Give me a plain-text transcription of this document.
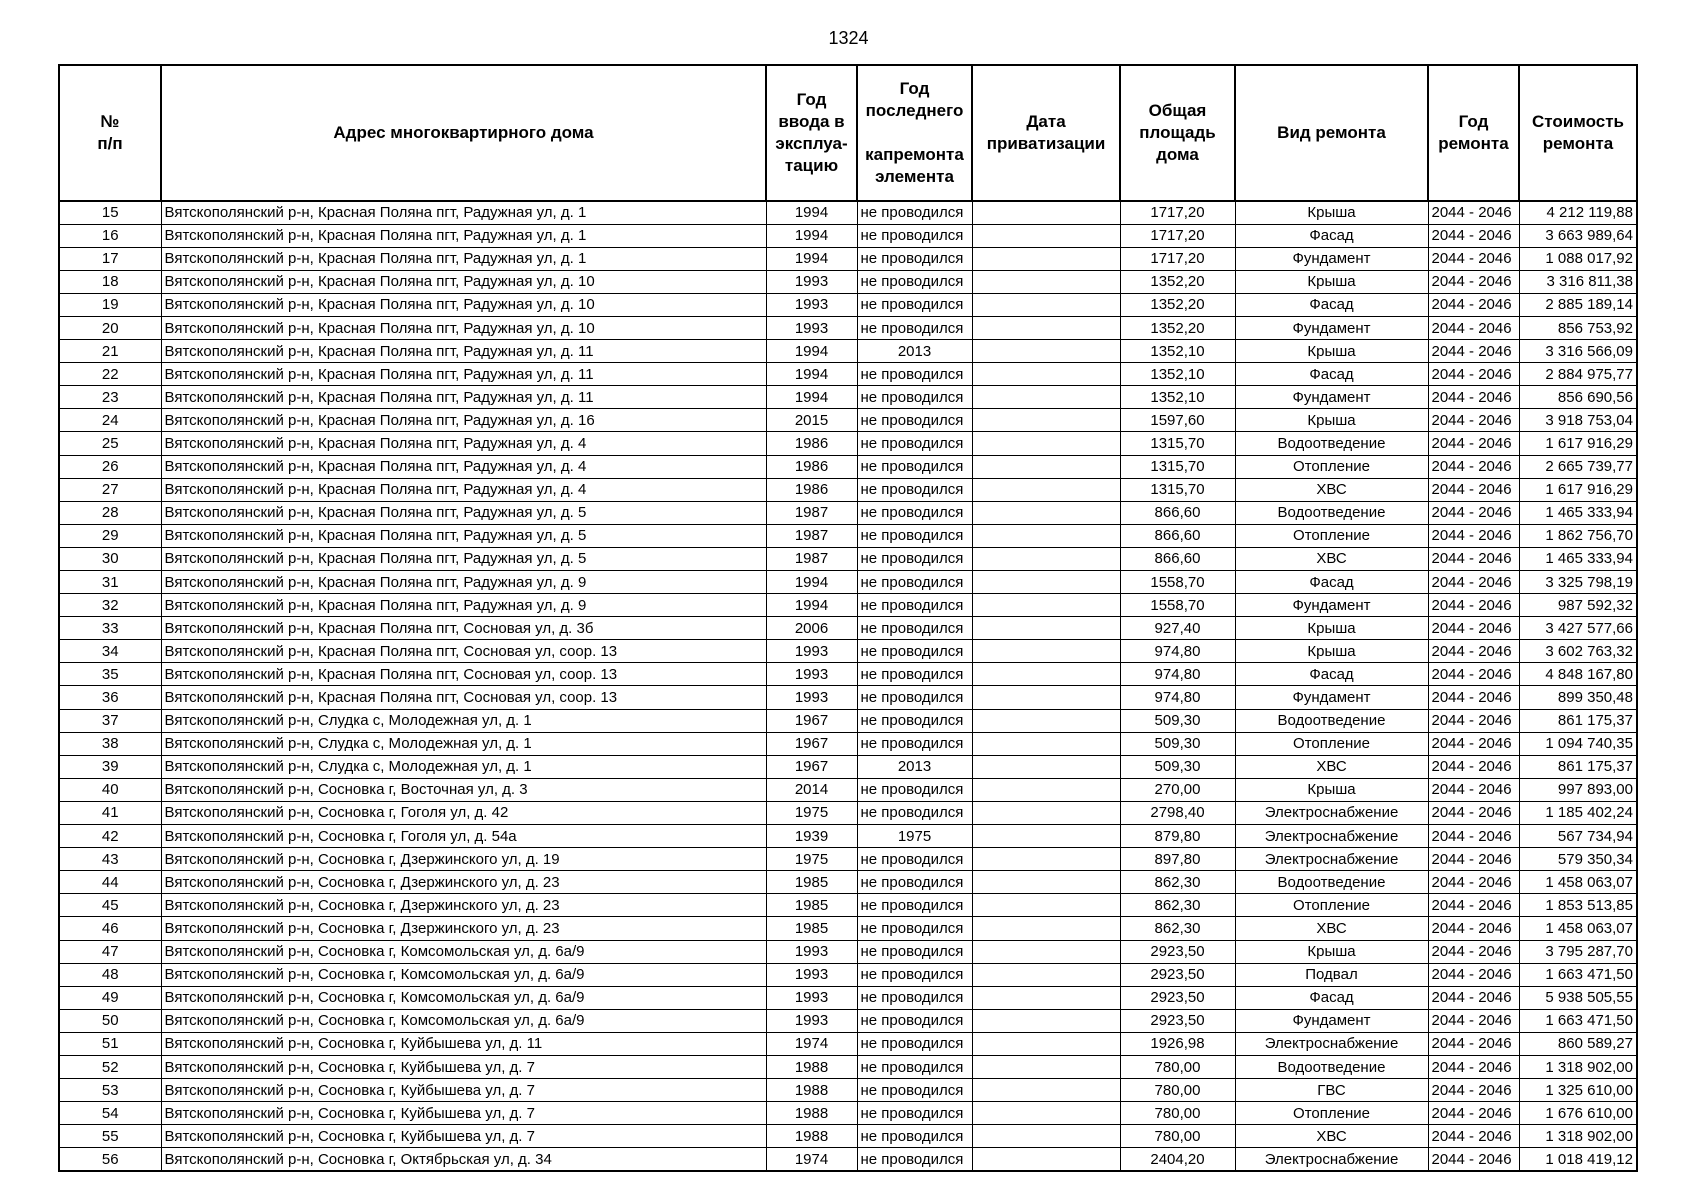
1324
№
п/п	Адрес многоквартирного дома	Год
ввода в
эксплуа-
тацию	Год
последнего
капремонта
элемента	Дата
приватизации	Общая
площадь
дома	Вид ремонта	Год
ремонта	Стоимость
ремонта

15	Вятскополянский р-н, Красная Поляна пгт, Радужная ул, д. 1	1994	не проводился		1717,20	Крыша	2044 - 2046	4 212 119,88
16	Вятскополянский р-н, Красная Поляна пгт, Радужная ул, д. 1	1994	не проводился		1717,20	Фасад	2044 - 2046	3 663 989,64
17	Вятскополянский р-н, Красная Поляна пгт, Радужная ул, д. 1	1994	не проводился		1717,20	Фундамент	2044 - 2046	1 088 017,92
18	Вятскополянский р-н, Красная Поляна пгт, Радужная ул, д. 10	1993	не проводился		1352,20	Крыша	2044 - 2046	3 316 811,38
19	Вятскополянский р-н, Красная Поляна пгт, Радужная ул, д. 10	1993	не проводился		1352,20	Фасад	2044 - 2046	2 885 189,14
20	Вятскополянский р-н, Красная Поляна пгт, Радужная ул, д. 10	1993	не проводился		1352,20	Фундамент	2044 - 2046	856 753,92
21	Вятскополянский р-н, Красная Поляна пгт, Радужная ул, д. 11	1994	2013		1352,10	Крыша	2044 - 2046	3 316 566,09
22	Вятскополянский р-н, Красная Поляна пгт, Радужная ул, д. 11	1994	не проводился		1352,10	Фасад	2044 - 2046	2 884 975,77
23	Вятскополянский р-н, Красная Поляна пгт, Радужная ул, д. 11	1994	не проводился		1352,10	Фундамент	2044 - 2046	856 690,56
24	Вятскополянский р-н, Красная Поляна пгт, Радужная ул, д. 16	2015	не проводился		1597,60	Крыша	2044 - 2046	3 918 753,04
25	Вятскополянский р-н, Красная Поляна пгт, Радужная ул, д. 4	1986	не проводился		1315,70	Водоотведение	2044 - 2046	1 617 916,29
26	Вятскополянский р-н, Красная Поляна пгт, Радужная ул, д. 4	1986	не проводился		1315,70	Отопление	2044 - 2046	2 665 739,77
27	Вятскополянский р-н, Красная Поляна пгт, Радужная ул, д. 4	1986	не проводился		1315,70	ХВС	2044 - 2046	1 617 916,29
28	Вятскополянский р-н, Красная Поляна пгт, Радужная ул, д. 5	1987	не проводился		866,60	Водоотведение	2044 - 2046	1 465 333,94
29	Вятскополянский р-н, Красная Поляна пгт, Радужная ул, д. 5	1987	не проводился		866,60	Отопление	2044 - 2046	1 862 756,70
30	Вятскополянский р-н, Красная Поляна пгт, Радужная ул, д. 5	1987	не проводился		866,60	ХВС	2044 - 2046	1 465 333,94
31	Вятскополянский р-н, Красная Поляна пгт, Радужная ул, д. 9	1994	не проводился		1558,70	Фасад	2044 - 2046	3 325 798,19
32	Вятскополянский р-н, Красная Поляна пгт, Радужная ул, д. 9	1994	не проводился		1558,70	Фундамент	2044 - 2046	987 592,32
33	Вятскополянский р-н, Красная Поляна пгт, Сосновая ул, д. 3б	2006	не проводился		927,40	Крыша	2044 - 2046	3 427 577,66
34	Вятскополянский р-н, Красная Поляна пгт, Сосновая ул, соор. 13	1993	не проводился		974,80	Крыша	2044 - 2046	3 602 763,32
35	Вятскополянский р-н, Красная Поляна пгт, Сосновая ул, соор. 13	1993	не проводился		974,80	Фасад	2044 - 2046	4 848 167,80
36	Вятскополянский р-н, Красная Поляна пгт, Сосновая ул, соор. 13	1993	не проводился		974,80	Фундамент	2044 - 2046	899 350,48
37	Вятскополянский р-н, Слудка с, Молодежная ул, д. 1	1967	не проводился		509,30	Водоотведение	2044 - 2046	861 175,37
38	Вятскополянский р-н, Слудка с, Молодежная ул, д. 1	1967	не проводился		509,30	Отопление	2044 - 2046	1 094 740,35
39	Вятскополянский р-н, Слудка с, Молодежная ул, д. 1	1967	2013		509,30	ХВС	2044 - 2046	861 175,37
40	Вятскополянский р-н, Сосновка г, Восточная ул, д. 3	2014	не проводился		270,00	Крыша	2044 - 2046	997 893,00
41	Вятскополянский р-н, Сосновка г, Гоголя ул, д. 42	1975	не проводился		2798,40	Электроснабжение	2044 - 2046	1 185 402,24
42	Вятскополянский р-н, Сосновка г, Гоголя ул, д. 54а	1939	1975		879,80	Электроснабжение	2044 - 2046	567 734,94
43	Вятскополянский р-н, Сосновка г, Дзержинского ул, д. 19	1975	не проводился		897,80	Электроснабжение	2044 - 2046	579 350,34
44	Вятскополянский р-н, Сосновка г, Дзержинского ул, д. 23	1985	не проводился		862,30	Водоотведение	2044 - 2046	1 458 063,07
45	Вятскополянский р-н, Сосновка г, Дзержинского ул, д. 23	1985	не проводился		862,30	Отопление	2044 - 2046	1 853 513,85
46	Вятскополянский р-н, Сосновка г, Дзержинского ул, д. 23	1985	не проводился		862,30	ХВС	2044 - 2046	1 458 063,07
47	Вятскополянский р-н, Сосновка г, Комсомольская ул, д. 6а/9	1993	не проводился		2923,50	Крыша	2044 - 2046	3 795 287,70
48	Вятскополянский р-н, Сосновка г, Комсомольская ул, д. 6а/9	1993	не проводился		2923,50	Подвал	2044 - 2046	1 663 471,50
49	Вятскополянский р-н, Сосновка г, Комсомольская ул, д. 6а/9	1993	не проводился		2923,50	Фасад	2044 - 2046	5 938 505,55
50	Вятскополянский р-н, Сосновка г, Комсомольская ул, д. 6а/9	1993	не проводился		2923,50	Фундамент	2044 - 2046	1 663 471,50
51	Вятскополянский р-н, Сосновка г, Куйбышева ул, д. 11	1974	не проводился		1926,98	Электроснабжение	2044 - 2046	860 589,27
52	Вятскополянский р-н, Сосновка г, Куйбышева ул, д. 7	1988	не проводился		780,00	Водоотведение	2044 - 2046	1 318 902,00
53	Вятскополянский р-н, Сосновка г, Куйбышева ул, д. 7	1988	не проводился		780,00	ГВС	2044 - 2046	1 325 610,00
54	Вятскополянский р-н, Сосновка г, Куйбышева ул, д. 7	1988	не проводился		780,00	Отопление	2044 - 2046	1 676 610,00
55	Вятскополянский р-н, Сосновка г, Куйбышева ул, д. 7	1988	не проводился		780,00	ХВС	2044 - 2046	1 318 902,00
56	Вятскополянский р-н, Сосновка г, Октябрьская ул, д. 34	1974	не проводился		2404,20	Электроснабжение	2044 - 2046	1 018 419,12
